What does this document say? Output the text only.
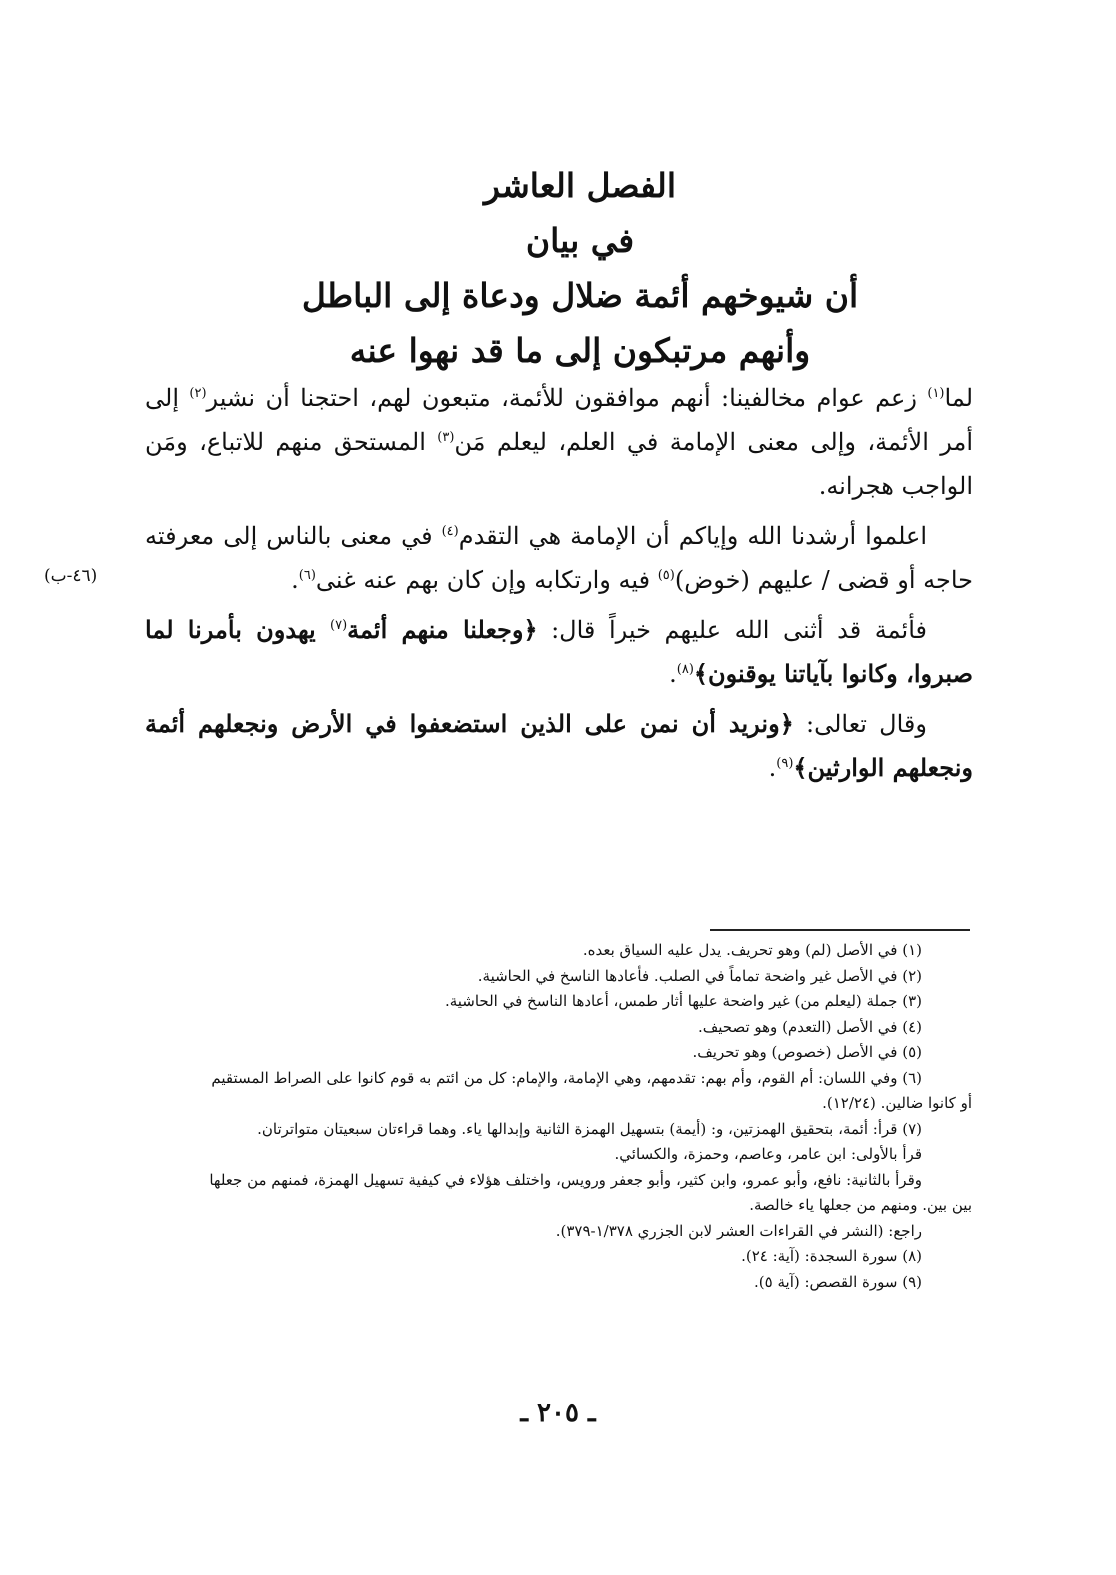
الفصل العاشر

في بيان

أن شيوخهم أئمة ضلال ودعاة إلى الباطل

وأنهم مرتبكون إلى ما قد نهوا عنه

لما$^{(١)}$ زعم عوام مخالفينا: أنهم موافقون للأئمة، متبعون لهم، احتجنا أن نشير$^{(٢)}$ إلى أمر الأئمة، وإلى معنى الإمامة في العلم، ليعلم مَن$^{(٣)}$ المستحق منهم للاتباع، ومَن الواجب هجرانه.

اعلموا أرشدنا الله وإياكم أن الإمامة هي التقدم$^{(٤)}$ في معنى بالناس إلى معرفته حاجه أو قضى / عليهم (خوض)$^{(٥)}$ فيه وارتكابه وإن كان بهم عنه غنى$^{(٦)}$.

فأئمة قد أثنى الله عليهم خيراً قال: ﴿وجعلنا منهم أئمة$^{(٧)}$ يهدون بأمرنا لما صبروا، وكانوا بآياتنا يوقنون﴾$^{(٨)}$.

وقال تعالى: ﴿ونريد أن نمن على الذين استضعفوا في الأرض ونجعلهم أئمة ونجعلهم الوارثين﴾$^{(٩)}$.

(٤٦-ب)

(١) في الأصل (لم) وهو تحريف. يدل عليه السياق بعده.

(٢) في الأصل غير واضحة تماماً في الصلب. فأعادها الناسخ في الحاشية.

(٣) جملة (ليعلم من) غير واضحة عليها أثار طمس، أعادها الناسخ في الحاشية.

(٤) في الأصل (التعدم) وهو تصحيف.

(٥) في الأصل (خصوص) وهو تحريف.

(٦) وفي اللسان: أم القوم، وأم بهم: تقدمهم، وهي الإمامة، والإمام: كل من ائتم به قوم كانوا على الصراط المستقيم

أو كانوا ضالين. (١٢/٢٤).

(٧) قرأ: أئمة، بتحقيق الهمزتين، و: (أيمة) بتسهيل الهمزة الثانية وإبدالها ياء. وهما قراءتان سبعيتان متواترتان.

قرأ بالأولى: ابن عامر، وعاصم، وحمزة، والكسائي.

وقرأ بالثانية: نافع، وأبو عمرو، وابن كثير، وأبو جعفر ورويس، واختلف هؤلاء في كيفية تسهيل الهمزة، فمنهم من جعلها

بين بين. ومنهم من جعلها ياء خالصة.

راجع: (النشر في القراءات العشر لابن الجزري ١/٣٧٨-٣٧٩).

(٨) سورة السجدة: (آية: ٢٤).

(٩) سورة القصص: (آية ٥).

ـ ٢٠٥ ـ
